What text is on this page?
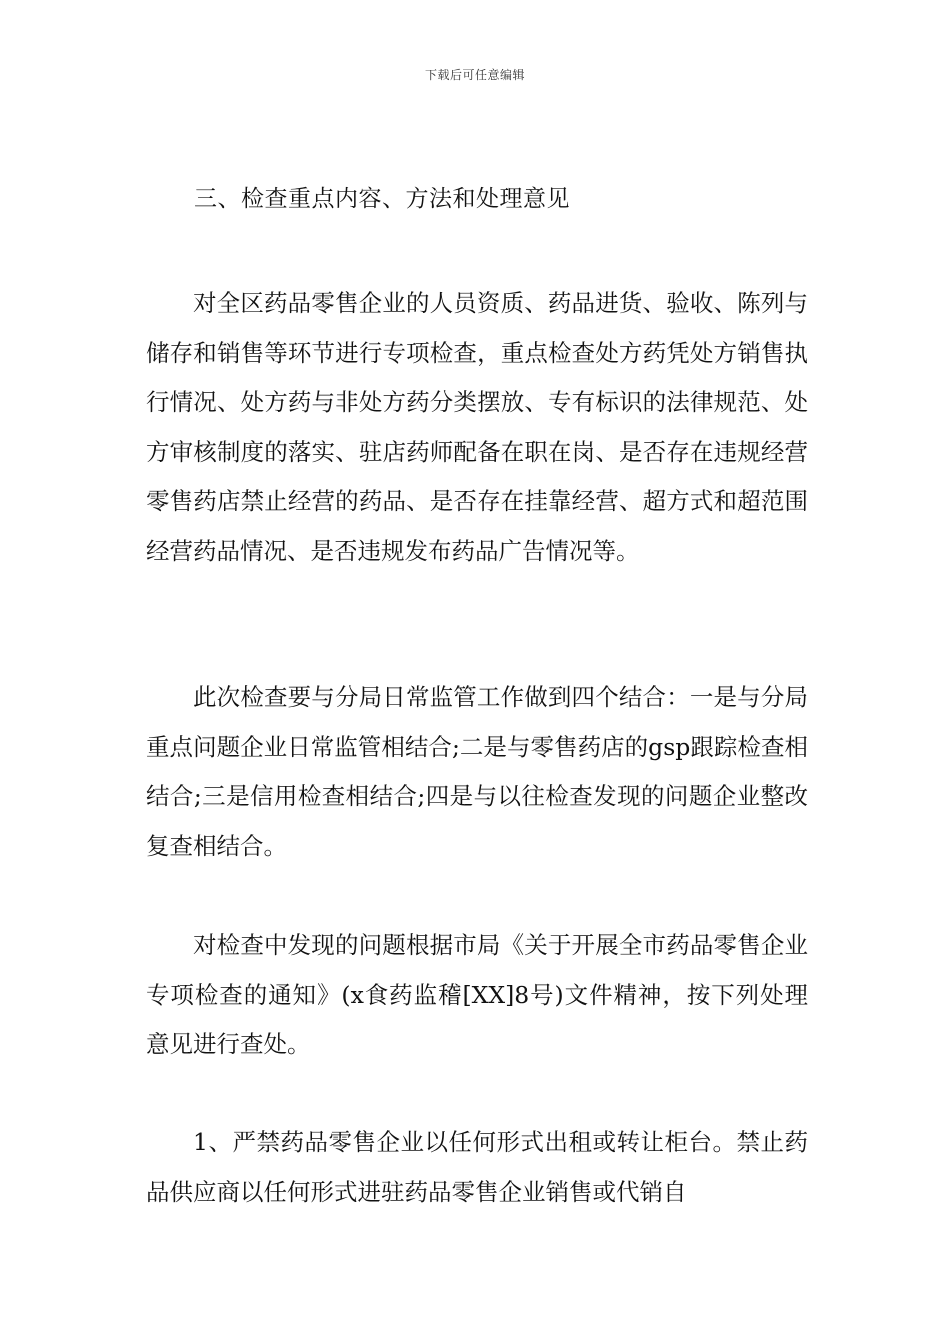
下载后可任意编辑
三、检查重点内容、方法和处理意见

对全区药品零售企业的人员资质、药品进货、验收、陈列与储存和销售等环节进行专项检查，重点检查处方药凭处方销售执行情况、处方药与非处方药分类摆放、专有标识的法律规范、处方审核制度的落实、驻店药师配备在职在岗、是否存在违规经营零售药店禁止经营的药品、是否存在挂靠经营、超方式和超范围经营药品情况、是否违规发布药品广告情况等。

此次检查要与分局日常监管工作做到四个结合：一是与分局重点问题企业日常监管相结合;二是与零售药店的gsp跟踪检查相结合;三是信用检查相结合;四是与以往检查发现的问题企业整改复查相结合。

对检查中发现的问题根据市局《关于开展全市药品零售企业专项检查的通知》(x食药监稽[XX]8号)文件精神，按下列处理意见进行查处。

1、严禁药品零售企业以任何形式出租或转让柜台。禁止药品供应商以任何形式进驻药品零售企业销售或代销自
